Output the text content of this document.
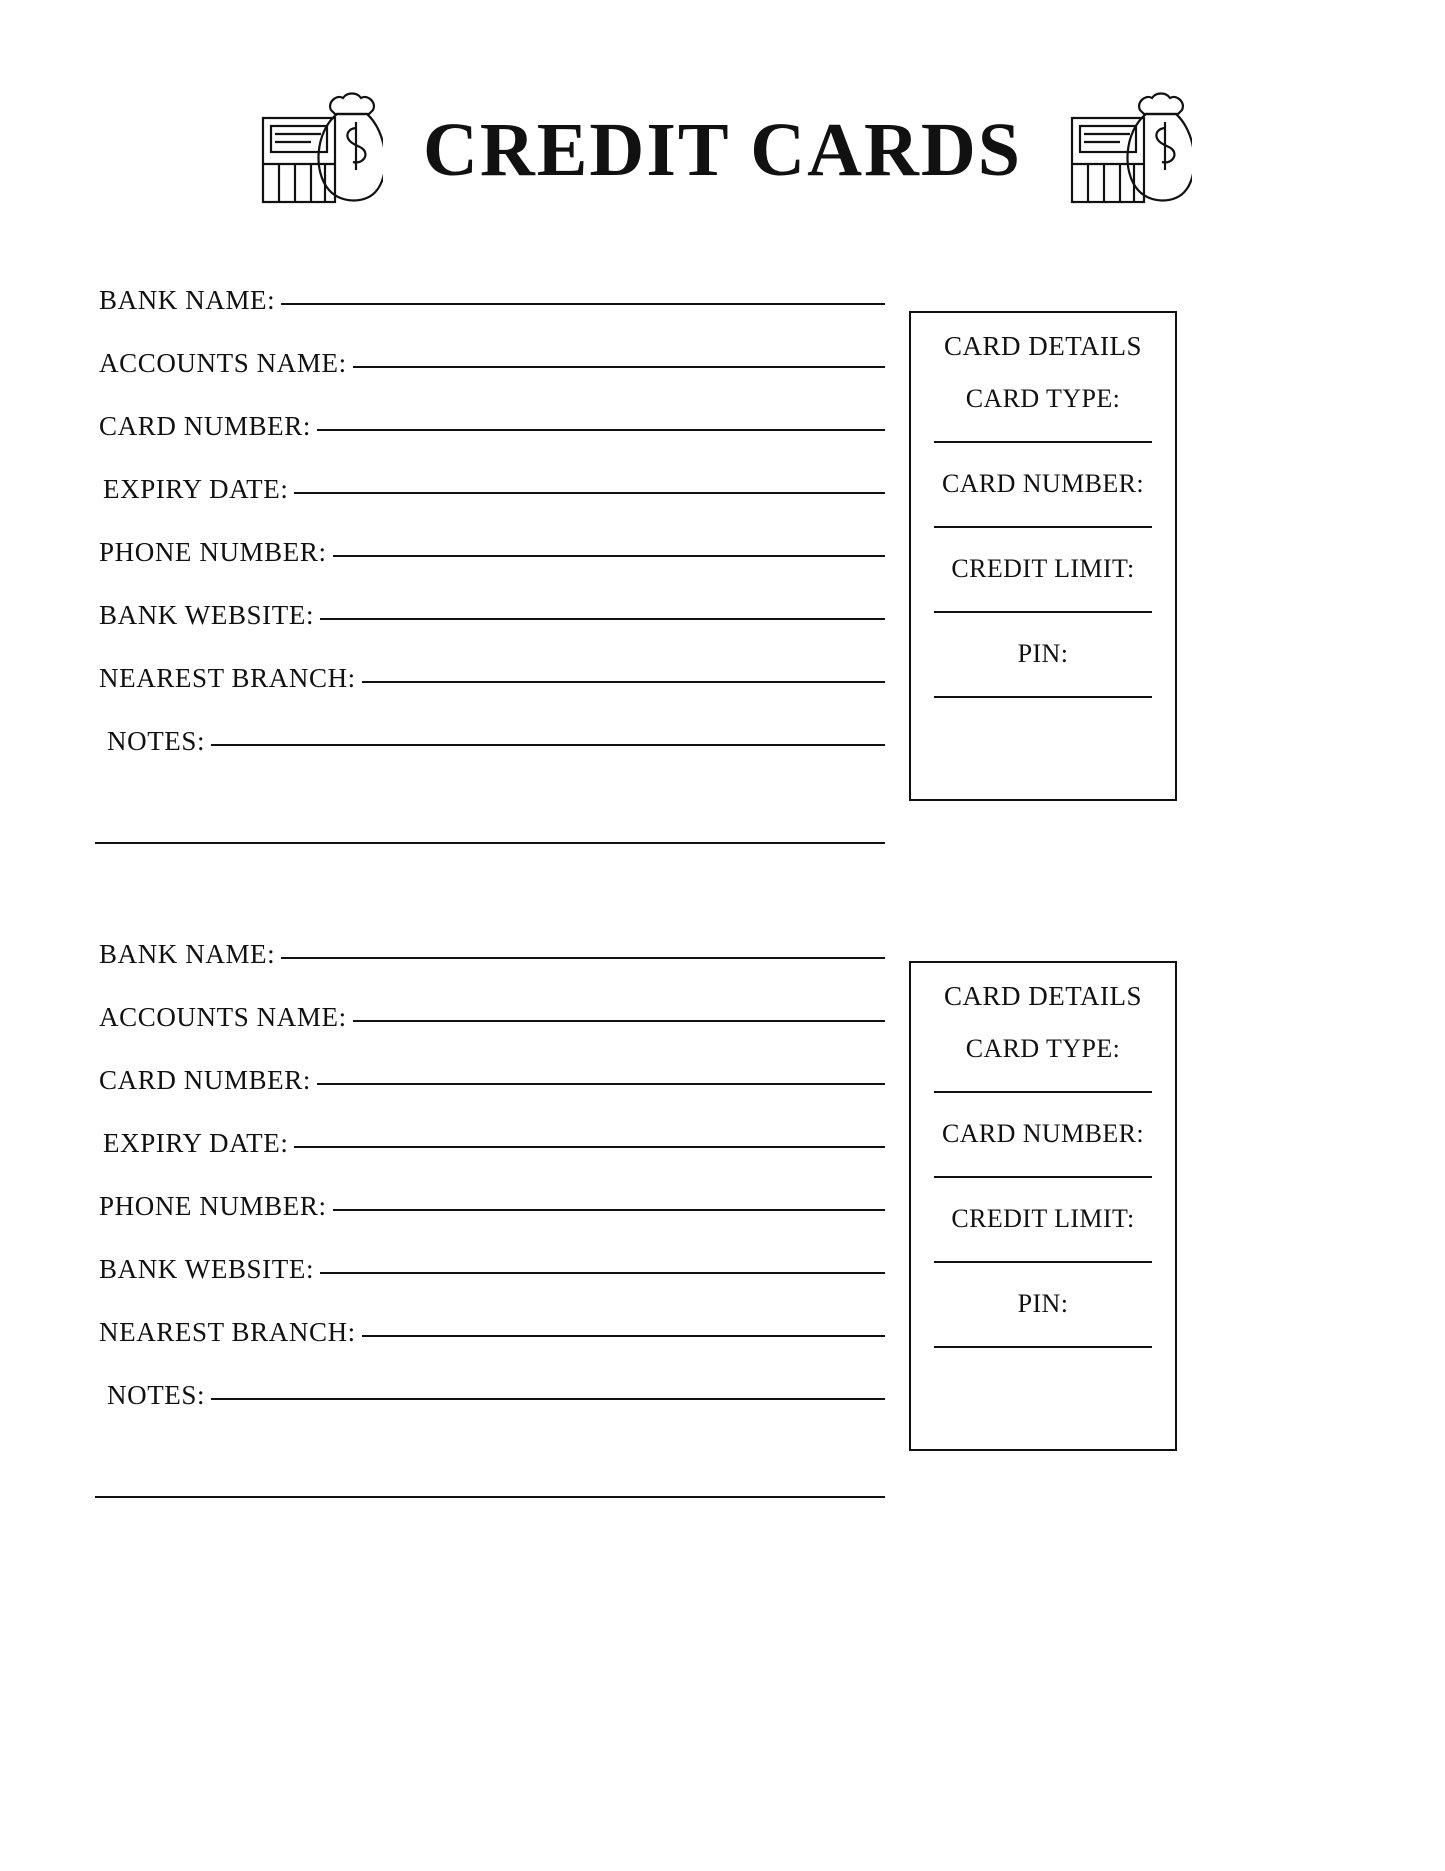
CREDIT CARDS
BANK NAME:
ACCOUNTS NAME:
CARD NUMBER:
EXPIRY DATE:
PHONE NUMBER:
BANK WEBSITE:
NEAREST BRANCH:
NOTES:
CARD DETAILS
CARD TYPE:
CARD NUMBER:
CREDIT LIMIT:
PIN:
BANK NAME:
ACCOUNTS NAME:
CARD NUMBER:
EXPIRY DATE:
PHONE NUMBER:
BANK WEBSITE:
NEAREST BRANCH:
NOTES:
CARD DETAILS
CARD TYPE:
CARD NUMBER:
CREDIT LIMIT:
PIN:
